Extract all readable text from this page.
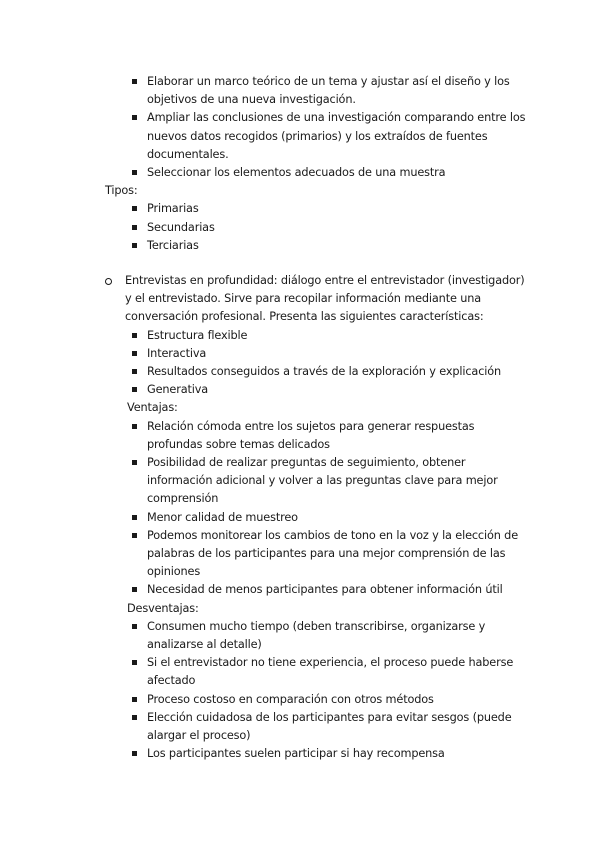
Elaborar un marco teórico de un tema y ajustar así el diseño y los objetivos de una nueva investigación.
Ampliar las conclusiones de una investigación comparando entre los nuevos datos recogidos (primarios) y los extraídos de fuentes documentales.
Seleccionar los elementos adecuados de una muestra
Tipos:
Primarias
Secundarias
Terciarias
Entrevistas en profundidad: diálogo entre el entrevistador (investigador) y el entrevistado. Sirve para recopilar información mediante una conversación profesional. Presenta las siguientes características:
Estructura flexible
Interactiva
Resultados conseguidos a través de la exploración y explicación
Generativa
Ventajas:
Relación cómoda entre los sujetos para generar respuestas profundas sobre temas delicados
Posibilidad de realizar preguntas de seguimiento, obtener información adicional y volver a las preguntas clave para mejor comprensión
Menor calidad de muestreo
Podemos monitorear los cambios de tono en la voz y la elección de palabras de los participantes para una mejor comprensión de las opiniones
Necesidad de menos participantes para obtener información útil
Desventajas:
Consumen mucho tiempo (deben transcribirse, organizarse y analizarse al detalle)
Si el entrevistador no tiene experiencia, el proceso puede haberse afectado
Proceso costoso en comparación con otros métodos
Elección cuidadosa de los participantes para evitar sesgos (puede alargar el proceso)
Los participantes suelen participar si hay recompensa
